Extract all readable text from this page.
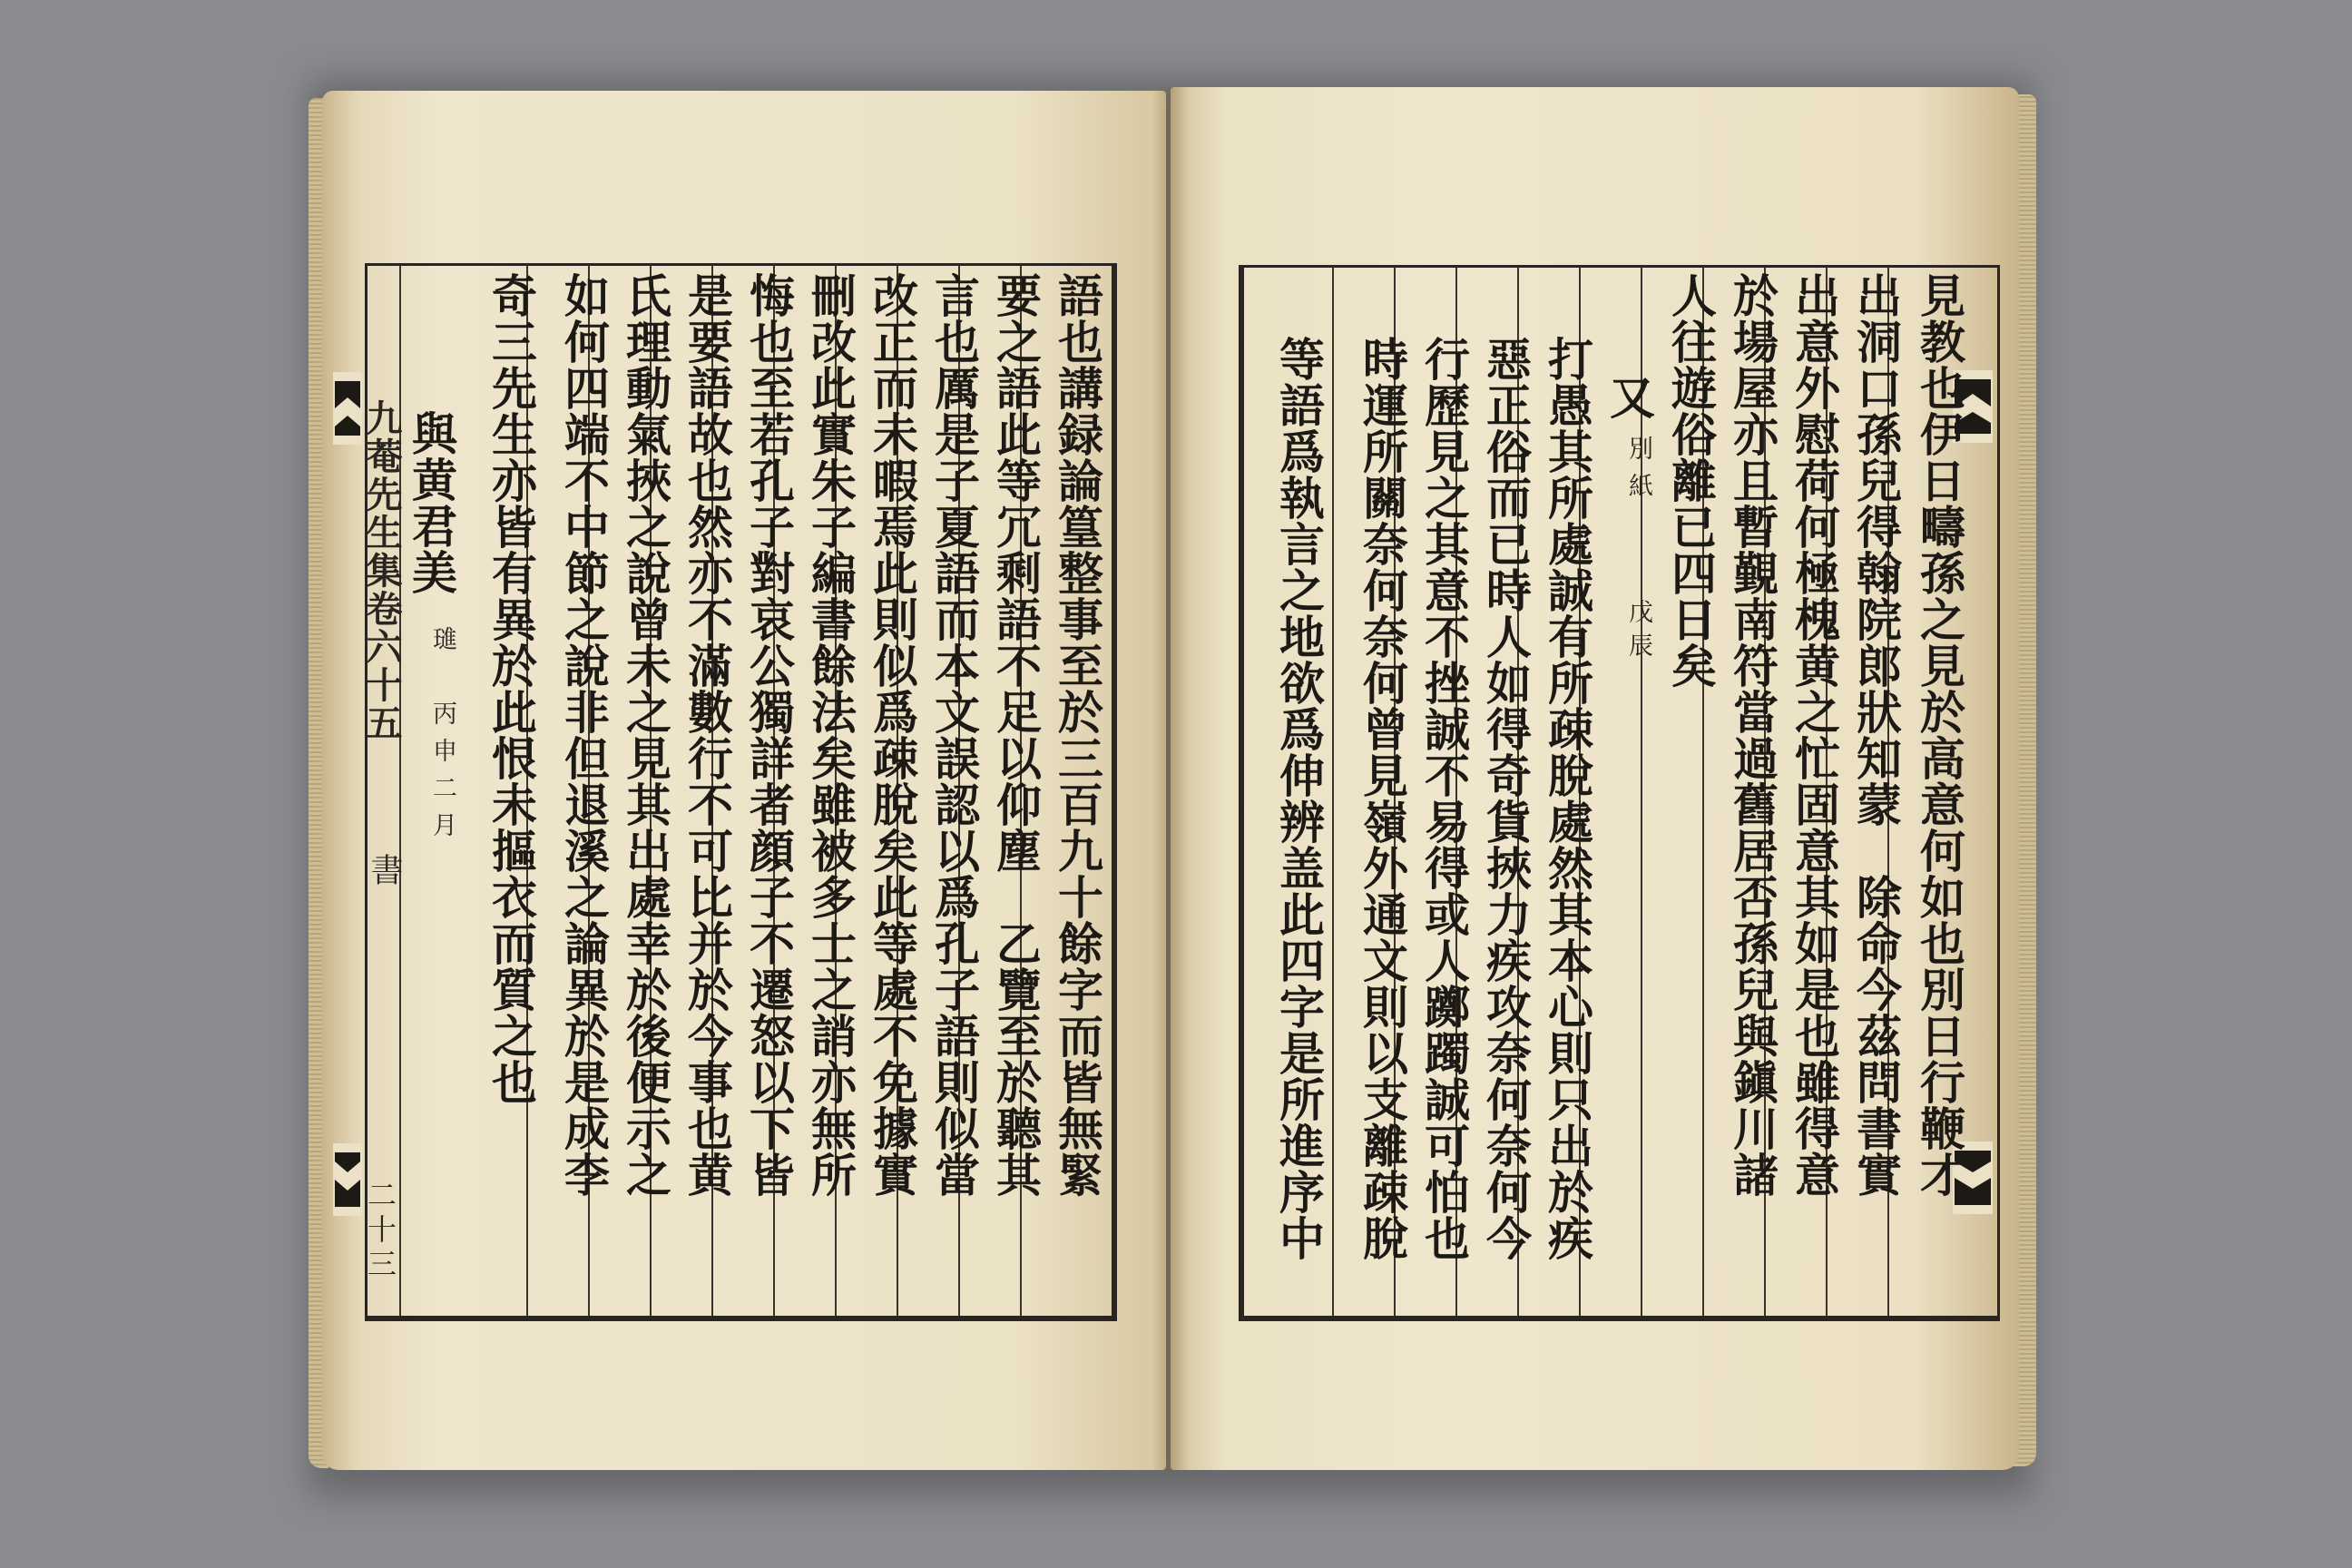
九菴先生集卷六十五
書
二十三
與黄君美
璡　丙申二月	語也講録論篁整事至於三百九十餘字而皆無緊
要之語此等冗剩語不足以仰塵　乙覽至於聽其
言也厲是子夏語而本文誤認以爲孔子語則似當
改正而未暇焉此則似爲疎脫矣此等處不免據實
刪改此實朱子編書餘法矣雖被多士之誚亦無所
悔也至若孔子對哀公獨詳者顔子不遷怒以下皆
是要語故也然亦不滿數行不可比并於今事也黄
氏理動氣挾之說曾未之見其出處幸於後便示之
如何四端不中節之說非但退溪之論異於是成李
奇三先生亦皆有異於此恨未摳衣而質之也	見教也伊日疇孫之見於高意何如也別日行鞭才
出洞口孫兒得翰院郎狀知蒙　除命今茲問書實
出意外慰荷何極槐黄之忙固意其如是也雖得意
於場屋亦且暫覲南符當過舊居否孫兒與鎭川諸
人往遊俗離已四日矣
又
別紙
戊辰
打愚其所處誠有所疎脫處然其本心則只出於疾
惡正俗而已時人如得奇貨挾力疾攻奈何奈何今
行歷見之其意不挫誠不易得或人躑躅誠可怕也
時運所關奈何奈何曾見嶺外通文則以支離疎脫
等語爲執言之地欲爲伸辨盖此四字是所進序中
